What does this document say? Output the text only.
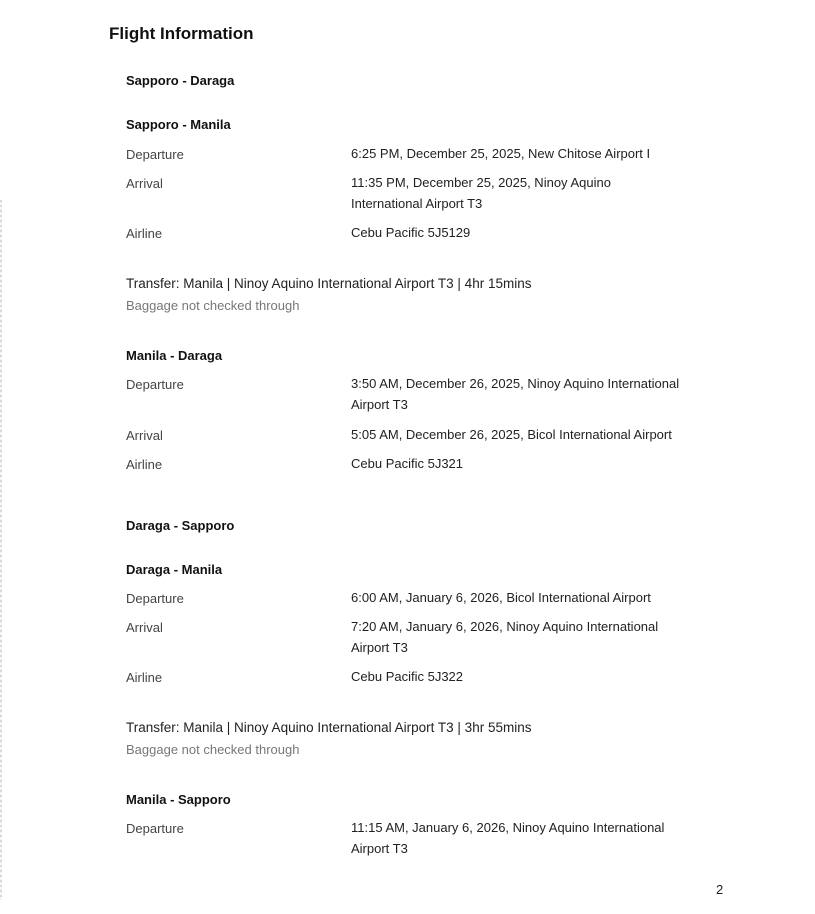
Flight Information
Sapporo - Daraga
Sapporo - Manila
Departure	6:25 PM, December 25, 2025, New Chitose Airport I
Arrival	11:35 PM, December 25, 2025, Ninoy Aquino International Airport T3
Airline	Cebu Pacific 5J5129
Transfer: Manila | Ninoy Aquino International Airport T3 | 4hr 15mins
Baggage not checked through
Manila - Daraga
Departure	3:50 AM, December 26, 2025, Ninoy Aquino International Airport T3
Arrival	5:05 AM, December 26, 2025, Bicol International Airport
Airline	Cebu Pacific 5J321
Daraga - Sapporo
Daraga - Manila
Departure	6:00 AM, January 6, 2026, Bicol International Airport
Arrival	7:20 AM, January 6, 2026, Ninoy Aquino International Airport T3
Airline	Cebu Pacific 5J322
Transfer: Manila | Ninoy Aquino International Airport T3 | 3hr 55mins
Baggage not checked through
Manila - Sapporo
Departure	11:15 AM, January 6, 2026, Ninoy Aquino International Airport T3
2
